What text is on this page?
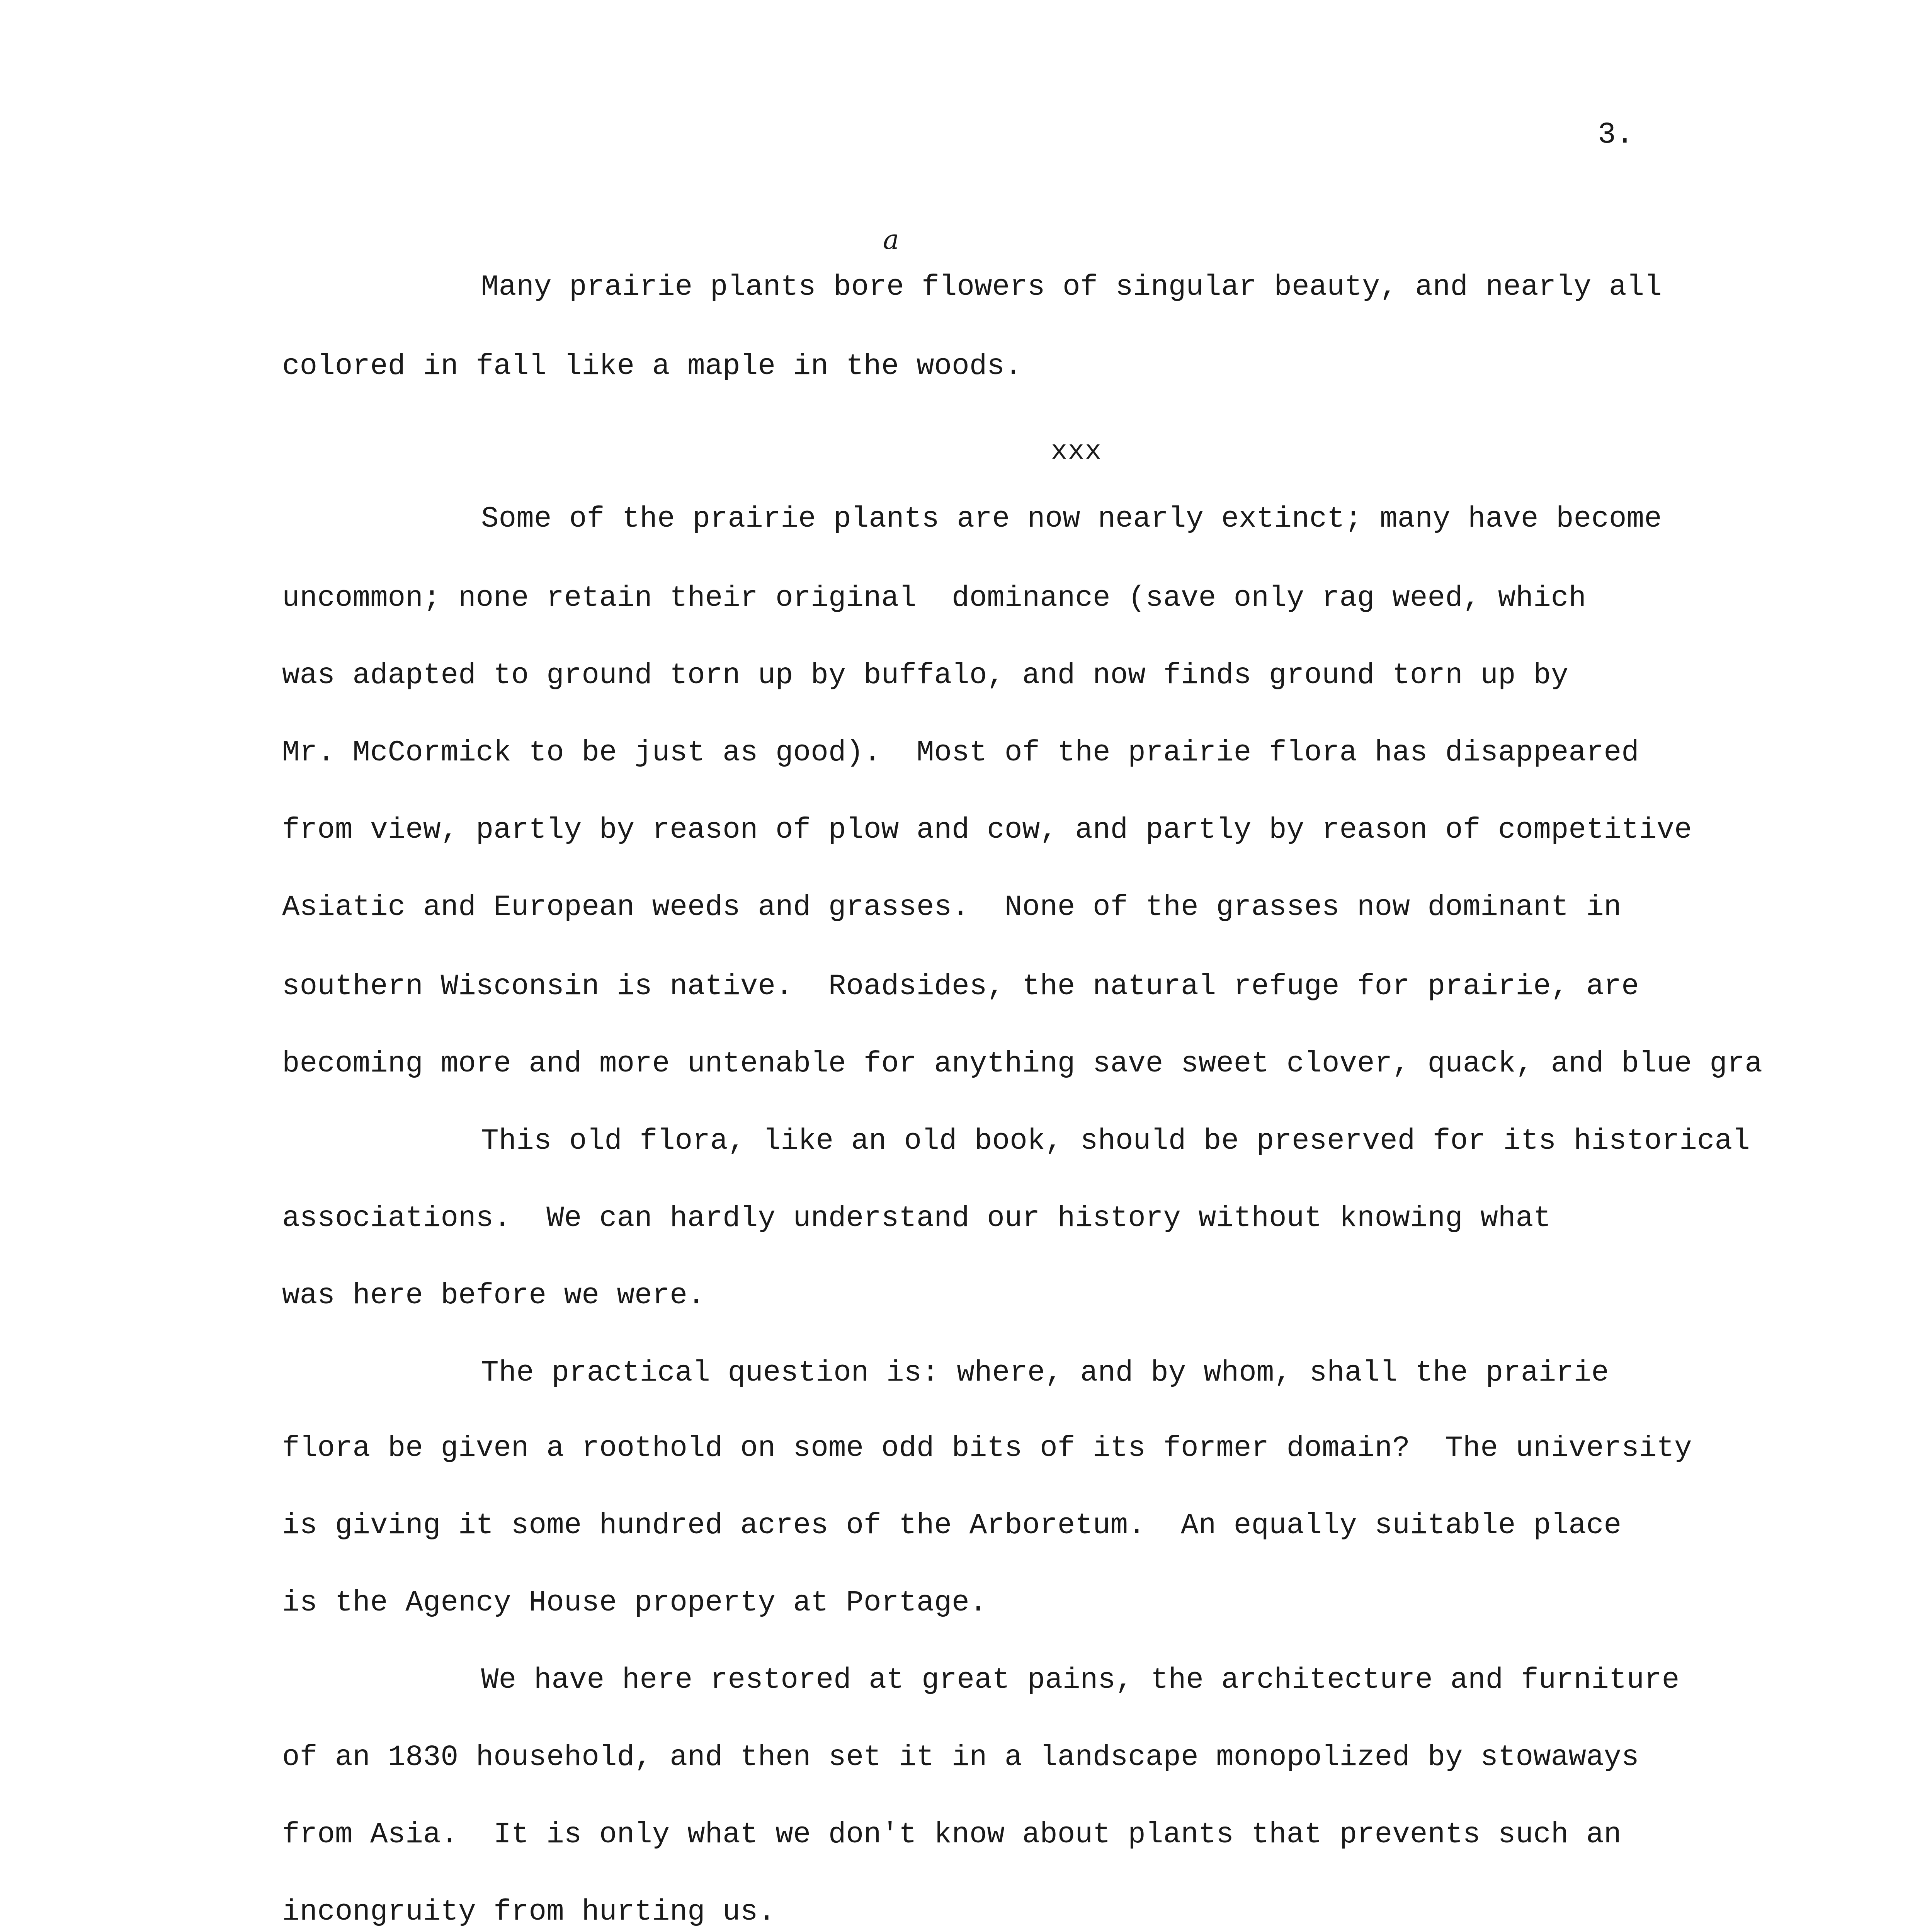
3.
a
Many prairie plants bore flowers of singular beauty, and nearly all
colored in fall like a maple in the woods.
xxx
Some of the prairie plants are now nearly extinct; many have become
uncommon; none retain their original  dominance (save only rag weed, which
was adapted to ground torn up by buffalo, and now finds ground torn up by
Mr. McCormick to be just as good).  Most of the prairie flora has disappeared
from view, partly by reason of plow and cow, and partly by reason of competitive
Asiatic and European weeds and grasses.  None of the grasses now dominant in
southern Wisconsin is native.  Roadsides, the natural refuge for prairie, are
becoming more and more untenable for anything save sweet clover, quack, and blue gra
This old flora, like an old book, should be preserved for its historical
associations.  We can hardly understand our history without knowing what
was here before we were.
The practical question is: where, and by whom, shall the prairie
flora be given a roothold on some odd bits of its former domain?  The university
is giving it some hundred acres of the Arboretum.  An equally suitable place
is the Agency House property at Portage.
We have here restored at great pains, the architecture and furniture
of an 1830 household, and then set it in a landscape monopolized by stowaways
from Asia.  It is only what we don't know about plants that prevents such an
incongruity from hurting us.
